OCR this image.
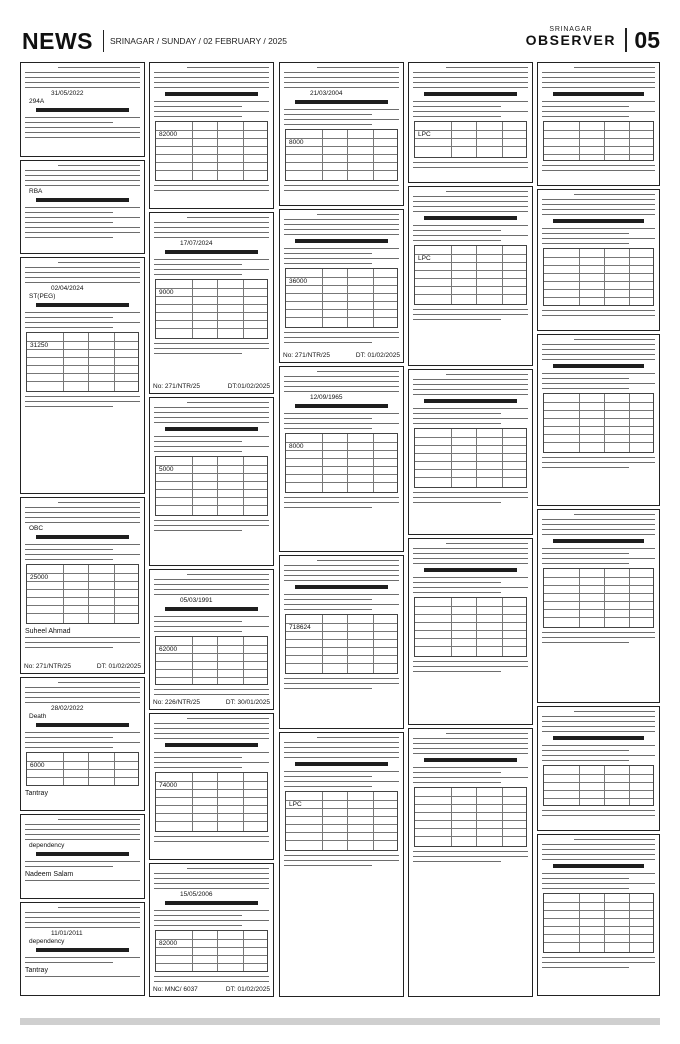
NEWS SRINAGAR / SUNDAY / 02 FEBRUARY / 2025
SRINAGAR
OBSERVER 05
31/05/2022
294A
RBA
02/04/2024
ST(PEG)
31250
OBC
25000
Suheel Ahmad
No: 271/NTR/25	DT: 01/02/2025
28/02/2022
Death
6000
Tantray
dependency
Nadeem Salam
11/01/2011
dependency
Tantray
82000
17/07/2024
9000
No: 271/NTR/25	DT:01/02/2025
5000
05/03/1991
62000
No: 226/NTR/25	DT: 30/01/2025
74000
15/05/2006
82000
No: MNC/ 6037	DT: 01/02/2025
21/03/2004
8000
36000
No: 271/NTR/25	DT: 01/02/2025
12/09/1965
8000
718624
LPC
LPC
LPC
